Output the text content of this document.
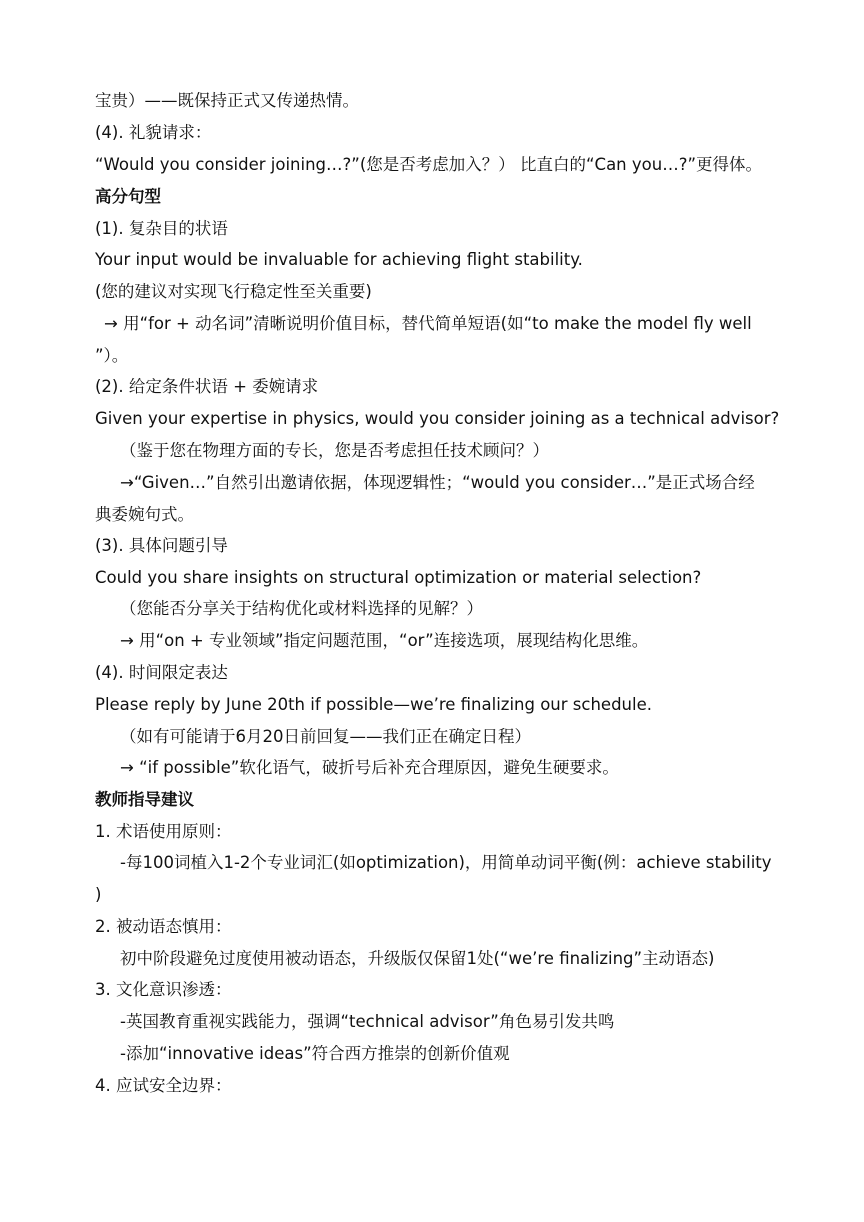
宝贵）——既保持正式又传递热情。
(4). 礼貌请求：
“Would you consider joining…?”(您是否考虑加入？） 比直白的“Can you…?”更得体。
高分句型
(1). 复杂目的状语
Your input would be invaluable for achieving flight stability.
(您的建议对实现飞行稳定性至关重要)
→ 用“for + 动名词”清晰说明价值目标，替代简单短语(如“to make the model fly well
”）。
(2). 给定条件状语 + 委婉请求
Given your expertise in physics, would you consider joining as a technical advisor?
（鉴于您在物理方面的专长，您是否考虑担任技术顾问？）
→“Given…”自然引出邀请依据，体现逻辑性；“would you consider…”是正式场合经
典委婉句式。
(3). 具体问题引导
Could you share insights on structural optimization or material selection?
（您能否分享关于结构优化或材料选择的见解？）
→ 用“on + 专业领域”指定问题范围，“or”连接选项，展现结构化思维。
(4). 时间限定表达
Please reply by June 20th if possible—we’re finalizing our schedule.
（如有可能请于6月20日前回复——我们正在确定日程）
→ “if possible”软化语气，破折号后补充合理原因，避免生硬要求。
教师指导建议
1. 术语使用原则：
-每100词植入1-2个专业词汇(如optimization)，用简单动词平衡(例：achieve stability
)
2. 被动语态慎用：
初中阶段避免过度使用被动语态，升级版仅保留1处(“we’re finalizing”主动语态)
3. 文化意识渗透：
-英国教育重视实践能力，强调“technical advisor”角色易引发共鸣
-添加“innovative ideas”符合西方推崇的创新价值观
4. 应试安全边界：
